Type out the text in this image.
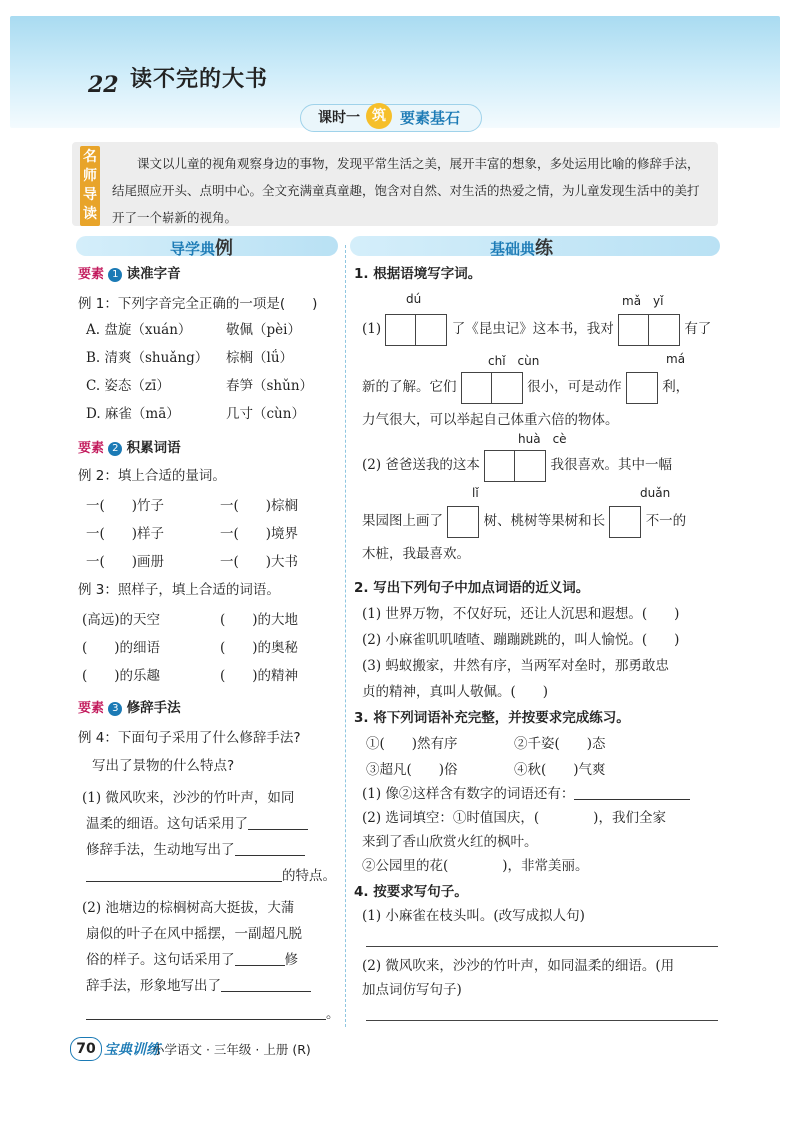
22 读不完的大书
课时一 筑 要素基石
名师导读
课文以儿童的视角观察身边的事物，发现平常生活之美，展开丰富的想象，多处运用比喻的修辞手法，结尾照应开头、点明中心。全文充满童真童趣，饱含对自然、对生活的热爱之情，为儿童发现生活中的美打开了一个崭新的视角。
导学典例	基础典练
要素 1 读准字音
例 1：下列字音完全正确的一项是(　　)
A. 盘旋（xuán）	敬佩（pèi）
B. 清爽（shuǎng） 棕榈（lǘ）
C. 姿态（zī）	春笋（shǔn）
D. 麻雀（mā）	几寸（cùn）
要素 2 积累词语
例 2：填上合适的量词。
一(　　)竹子	一(　　)棕榈
一(　　)样子	一(　　)境界
一(　　)画册	一(　　)大书
例 3：照样子，填上合适的词语。
(高远)的天空	(　　)的大地
(　　)的细语	(　　)的奥秘
(　　)的乐趣	(　　)的精神
要素 3 修辞手法
例 4：下面句子采用了什么修辞手法?
写出了景物的什么特点?
(1) 微风吹来，沙沙的竹叶声，如同
温柔的细语。这句话采用了
修辞手法，生动地写出了
的特点。
(2) 池塘边的棕榈树高大挺拔，大蒲
扇似的叶子在风中摇摆，一副超凡脱
俗的样子。这句话采用了	修
辞手法，形象地写出了
。
1. 根据语境写字词。
dú	mǎ　yǐ
(1)	了《昆虫记》这本书，我对	有了
chǐ　cùn	má
新的了解。它们	很小，可是动作	利，
力气很大，可以举起自己体重六倍的物体。
huà　cè
(2) 爸爸送我的这本	我很喜欢。其中一幅
lǐ	duǎn
果园图上画了	树、桃树等果树和长	不一的
木桩，我最喜欢。
2. 写出下列句子中加点词语的近义词。
(1) 世界万物，不仅好玩，还让人沉思和遐想。(　　)
(2) 小麻雀叽叽喳喳、蹦蹦跳跳的，叫人愉悦。(　　)
(3) 蚂蚁搬家，井然有序，当两军对垒时，那勇敢忠
贞的精神，真叫人敬佩。(　　)
3. 将下列词语补充完整，并按要求完成练习。
①(　　)然有序	②千姿(　　)态
③超凡(　　)俗	④秋(　　)气爽
(1) 像②这样含有数字的词语还有：
(2) 选词填空：①时值国庆，(　　　　)，我们全家
来到了香山欣赏火红的枫叶。
②公园里的花(　　　　)，非常美丽。
4. 按要求写句子。
(1) 小麻雀在枝头叫。(改写成拟人句)
(2) 微风吹来，沙沙的竹叶声，如同温柔的细语。(用
加点词仿写句子)
70 宝典训练
小学语文 · 三年级 · 上册 (R)
